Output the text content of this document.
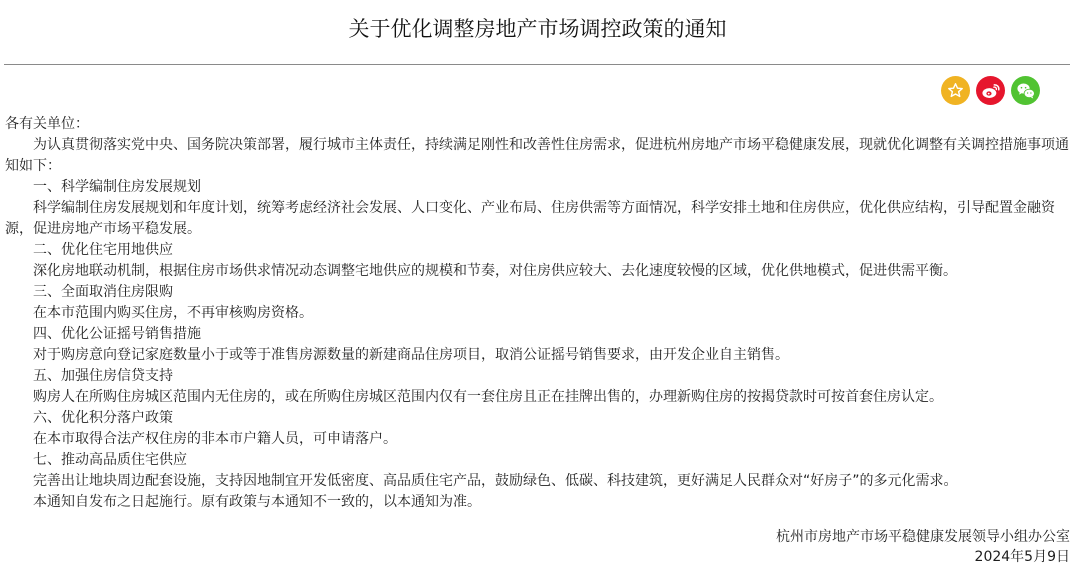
关于优化调整房地产市场调控政策的通知

各有关单位：

为认真贯彻落实党中央、国务院决策部署，履行城市主体责任，持续满足刚性和改善性住房需求，促进杭州房地产市场平稳健康发展，现就优化调整有关调控措施事项通知如下：

一、科学编制住房发展规划

科学编制住房发展规划和年度计划，统筹考虑经济社会发展、人口变化、产业布局、住房供需等方面情况，科学安排土地和住房供应，优化供应结构，引导配置金融资源，促进房地产市场平稳发展。

二、优化住宅用地供应

深化房地联动机制，根据住房市场供求情况动态调整宅地供应的规模和节奏，对住房供应较大、去化速度较慢的区域，优化供地模式，促进供需平衡。

三、全面取消住房限购

在本市范围内购买住房，不再审核购房资格。

四、优化公证摇号销售措施

对于购房意向登记家庭数量小于或等于准售房源数量的新建商品住房项目，取消公证摇号销售要求，由开发企业自主销售。

五、加强住房信贷支持

购房人在所购住房城区范围内无住房的，或在所购住房城区范围内仅有一套住房且正在挂牌出售的，办理新购住房的按揭贷款时可按首套住房认定。

六、优化积分落户政策

在本市取得合法产权住房的非本市户籍人员，可申请落户。

七、推动高品质住宅供应

完善出让地块周边配套设施，支持因地制宜开发低密度、高品质住宅产品，鼓励绿色、低碳、科技建筑，更好满足人民群众对“好房子”的多元化需求。

本通知自发布之日起施行。原有政策与本通知不一致的，以本通知为准。

杭州市房地产市场平稳健康发展领导小组办公室
2024年5月9日
